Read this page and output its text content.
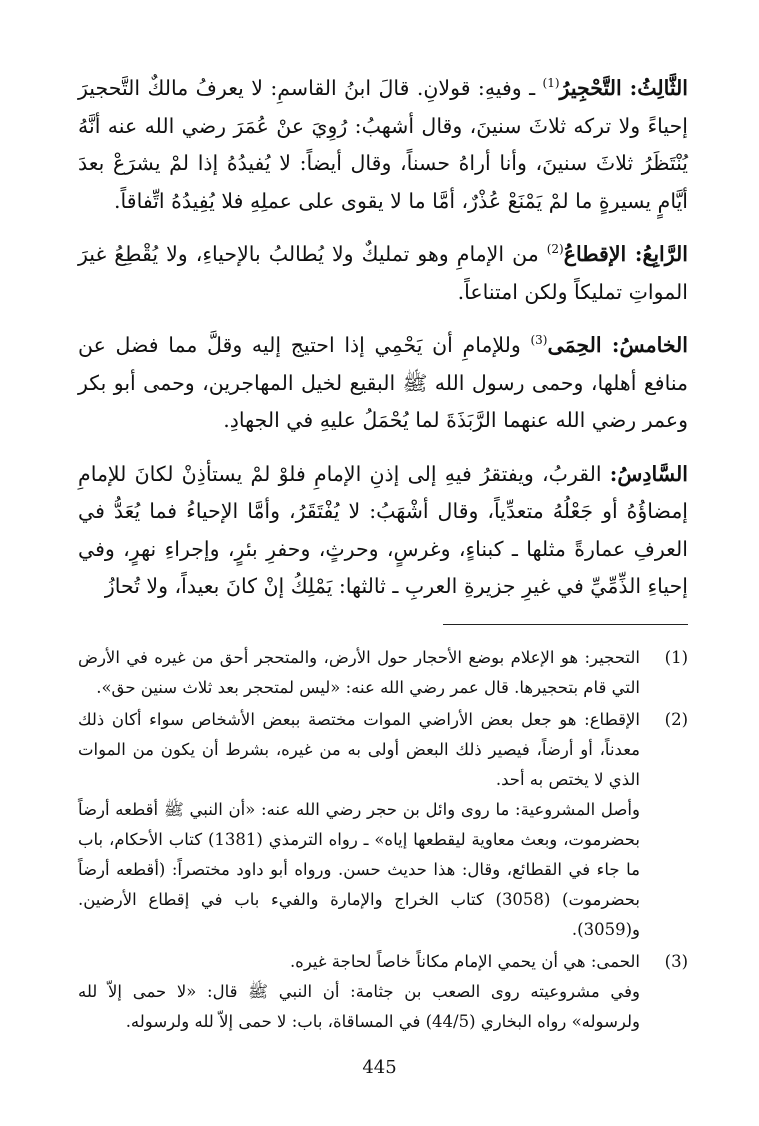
الثَّالِثُ: التَّحْجِيرُ$^{(1)}$ ـ وفيهِ: قولانِ. قالَ ابنُ القاسمِ: لا يعرفُ مالكٌ التَّحجيرَ إحياءً ولا تركه ثلاثَ سنينَ، وقال أشهبُ: رُوِيَ عنْ عُمَرَ رضي الله عنه أنَّهُ يُنْتَظَرُ ثلاثَ سنينَ، وأنا أراهُ حسناً، وقال أيضاً: لا يُفيدُهُ إذا لمْ يشرَعْ بعدَ أيَّامٍ يسيرةٍ ما لمْ يَمْنَعْ عُذْرٌ، أمَّا ما لا يقوى على عملِهِ فلا يُفِيدُهُ اتِّفاقاً.

الرَّابِعُ: الإقطاعُ$^{(2)}$ من الإمامِ وهو تمليكٌ ولا يُطالبُ بالإحياءِ، ولا يُقْطِعُ غيرَ المواتِ تمليكاً ولكن امتناعاً.

الخامسُ: الحِمَى$^{(3)}$ وللإمامِ أن يَحْمِي إذا احتيج إليه وقلَّ مما فضل عن منافع أهلها، وحمى رسول الله ﷺ البقيع لخيل المهاجرين، وحمى أبو بكر وعمر رضي الله عنهما الرَّبَذَةَ لما يُحْمَلُ عليهِ في الجهادِ.

السَّادِسُ: القربُ، ويفتقرُ فيهِ إلى إذنِ الإمامِ فلوْ لمْ يستأذِنْ لكانَ للإمامِ إمضاؤُهُ أو جَعْلُهُ متعدِّياً، وقال أشْهَبُ: لا يُفْتَقَرُ، وأمَّا الإحياءُ فما يُعَدُّ في العرفِ عمارةً مثلها ـ كبناءٍ، وغرسٍ، وحرثٍ، وحفرِ بئرٍ، وإجراءِ نهرٍ، وفي إحياءِ الذِّمِّيِّ في غيرِ جزيرةِ العربِ ـ ثالثها: يَمْلِكُ إنْ كانَ بعيداً، ولا تُحازُ

(1)

التحجير: هو الإعلام بوضع الأحجار حول الأرض، والمتحجر أحق من غيره في الأرض التي قام بتحجيرها. قال عمر رضي الله عنه: «ليس لمتحجر بعد ثلاث سنين حق».

(2)

الإقطاع: هو جعل بعض الأراضي الموات مختصة ببعض الأشخاص سواء أكان ذلك معدناً، أو أرضاً، فيصير ذلك البعض أولى به من غيره، بشرط أن يكون من الموات الذي لا يختص به أحد.

وأصل المشروعية: ما روى وائل بن حجر رضي الله عنه: «أن النبي ﷺ أقطعه أرضاً بحضرموت، وبعث معاوية ليقطعها إياه» ـ رواه الترمذي (1381) كتاب الأحكام، باب ما جاء في القطائع، وقال: هذا حديث حسن. ورواه أبو داود مختصراً: (أقطعه أرضاً بحضرموت) (3058) كتاب الخراج والإمارة والفيء باب في إقطاع الأرضين. و(3059).

(3)

الحمى: هي أن يحمي الإمام مكاناً خاصاً لحاجة غيره.

وفي مشروعيته روى الصعب بن جثامة: أن النبي ﷺ قال: «لا حمى إلاّ لله ولرسوله» رواه البخاري (44/5) في المساقاة، باب: لا حمى إلاّ لله ولرسوله.

445
